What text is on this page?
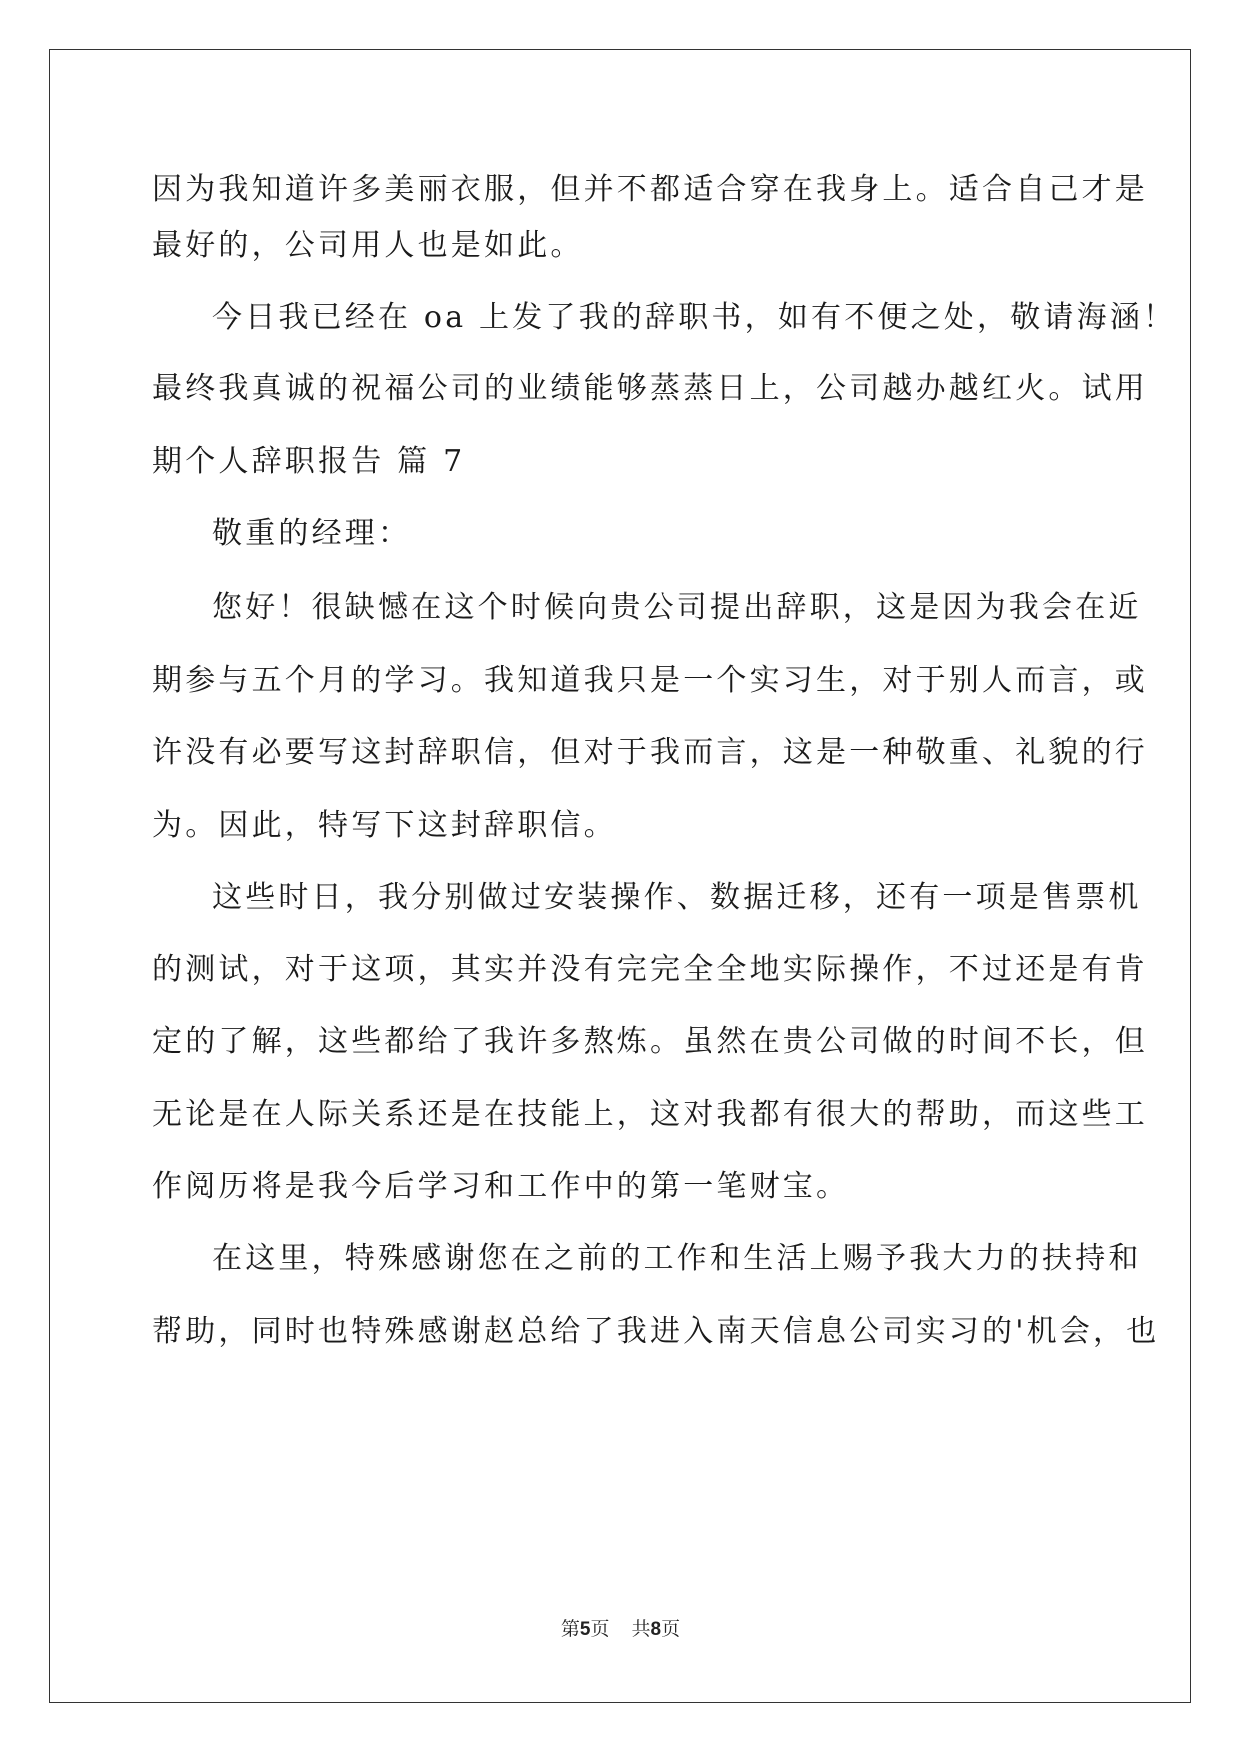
因为我知道许多美丽衣服，但并不都适合穿在我身上。适合自己才是
最好的，公司用人也是如此。
今日我已经在 oa 上发了我的辞职书，如有不便之处，敬请海涵！
最终我真诚的祝福公司的业绩能够蒸蒸日上，公司越办越红火。试用
期个人辞职报告 篇 7
敬重的经理：
您好！很缺憾在这个时候向贵公司提出辞职，这是因为我会在近
期参与五个月的学习。我知道我只是一个实习生，对于别人而言，或
许没有必要写这封辞职信，但对于我而言，这是一种敬重、礼貌的行
为。因此，特写下这封辞职信。
这些时日，我分别做过安装操作、数据迁移，还有一项是售票机
的测试，对于这项，其实并没有完完全全地实际操作，不过还是有肯
定的了解，这些都给了我许多熬炼。虽然在贵公司做的时间不长，但
无论是在人际关系还是在技能上，这对我都有很大的帮助，而这些工
作阅历将是我今后学习和工作中的第一笔财宝。
在这里，特殊感谢您在之前的工作和生活上赐予我大力的扶持和
帮助，同时也特殊感谢赵总给了我进入南天信息公司实习的'机会，也
第5页 共8页
